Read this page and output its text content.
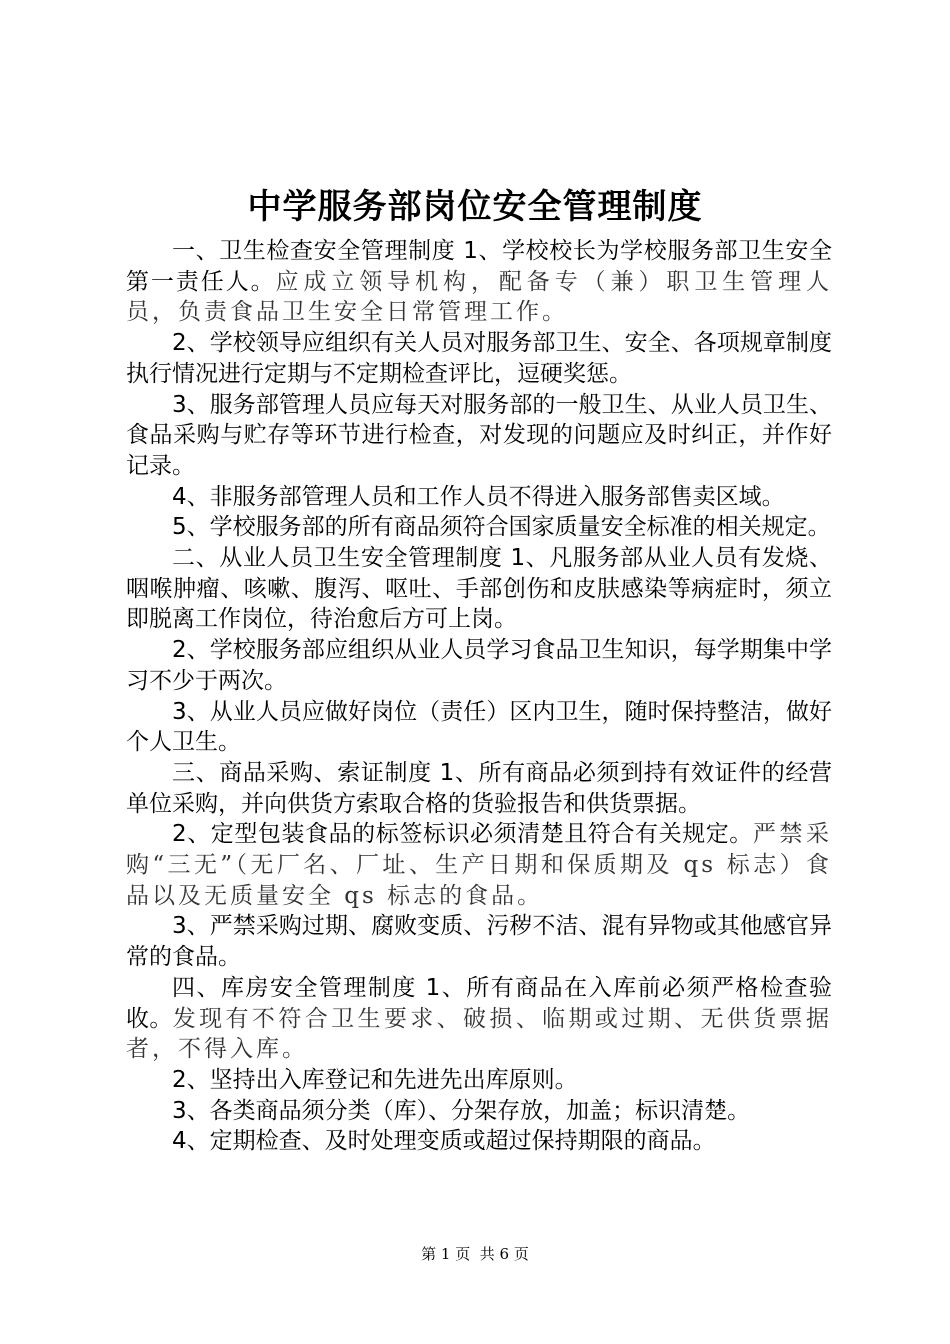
中学服务部岗位安全管理制度

一、卫生检查安全管理制度 1、学校校长为学校服务部卫生安全第一责任人。应成立领导机构，配备专（兼）职卫生管理人员，负责食品卫生安全日常管理工作。

2、学校领导应组织有关人员对服务部卫生、安全、各项规章制度执行情况进行定期与不定期检查评比，逗硬奖惩。

3、服务部管理人员应每天对服务部的一般卫生、从业人员卫生、食品采购与贮存等环节进行检查，对发现的问题应及时纠正，并作好记录。

4、非服务部管理人员和工作人员不得进入服务部售卖区域。

5、学校服务部的所有商品须符合国家质量安全标准的相关规定。

二、从业人员卫生安全管理制度 1、凡服务部从业人员有发烧、咽喉肿瘤、咳嗽、腹泻、呕吐、手部创伤和皮肤感染等病症时，须立即脱离工作岗位，待治愈后方可上岗。

2、学校服务部应组织从业人员学习食品卫生知识，每学期集中学习不少于两次。

3、从业人员应做好岗位（责任）区内卫生，随时保持整洁，做好个人卫生。

三、商品采购、索证制度 1、所有商品必须到持有效证件的经营单位采购，并向供货方索取合格的货验报告和供货票据。

2、定型包装食品的标签标识必须清楚且符合有关规定。严禁采购“三无”（无厂名、厂址、生产日期和保质期及 qs 标志）食品以及无质量安全 qs 标志的食品。

3、严禁采购过期、腐败变质、污秽不洁、混有异物或其他感官异常的食品。

四、库房安全管理制度 1、所有商品在入库前必须严格检查验收。发现有不符合卫生要求、破损、临期或过期、无供货票据者，不得入库。

2、坚持出入库登记和先进先出库原则。

3、各类商品须分类（库）、分架存放，加盖；标识清楚。

4、定期检查、及时处理变质或超过保持期限的商品。

第 1 页  共 6 页
